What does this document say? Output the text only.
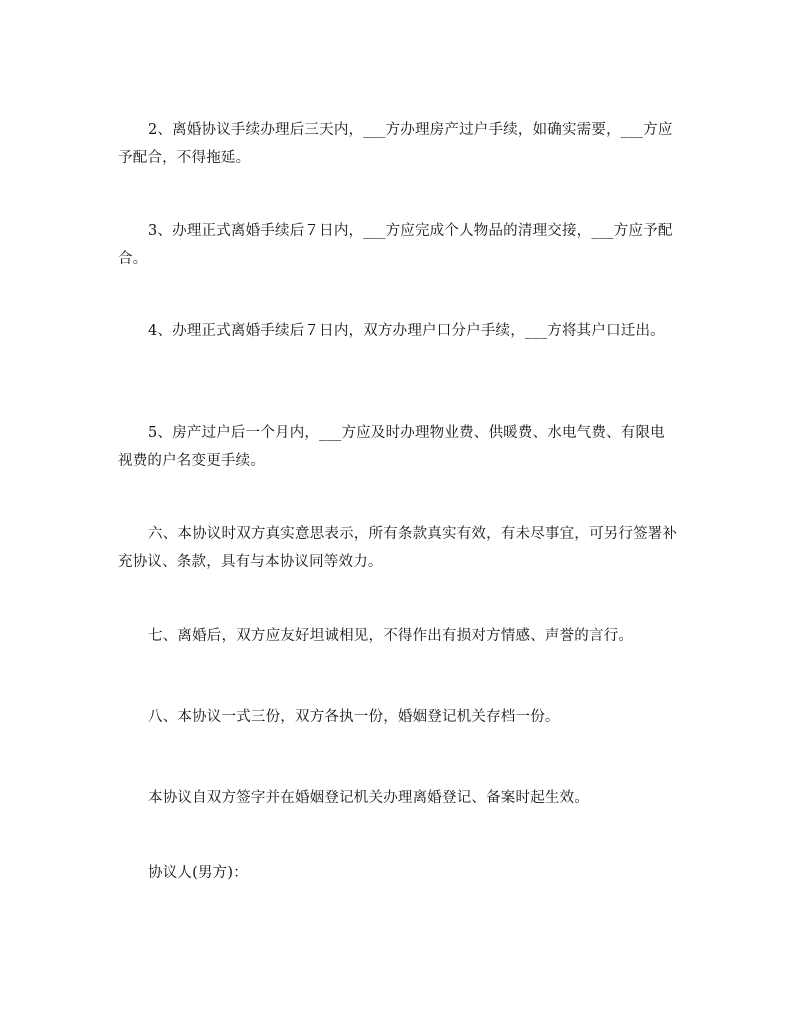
2、离婚协议手续办理后三天内，___方办理房产过户手续，如确实需要，___方应予配合，不得拖延。

3、办理正式离婚手续后７日内，___方应完成个人物品的清理交接，___方应予配合。

4、办理正式离婚手续后７日内，双方办理户口分户手续，___方将其户口迁出。

5、房产过户后一个月内，___方应及时办理物业费、供暖费、水电气费、有限电视费的户名变更手续。

六、本协议时双方真实意思表示，所有条款真实有效，有未尽事宜，可另行签署补充协议、条款，具有与本协议同等效力。

七、离婚后，双方应友好坦诚相见，不得作出有损对方情感、声誉的言行。

八、本协议一式三份，双方各执一份，婚姻登记机关存档一份。

本协议自双方签字并在婚姻登记机关办理离婚登记、备案时起生效。

协议人(男方)：
